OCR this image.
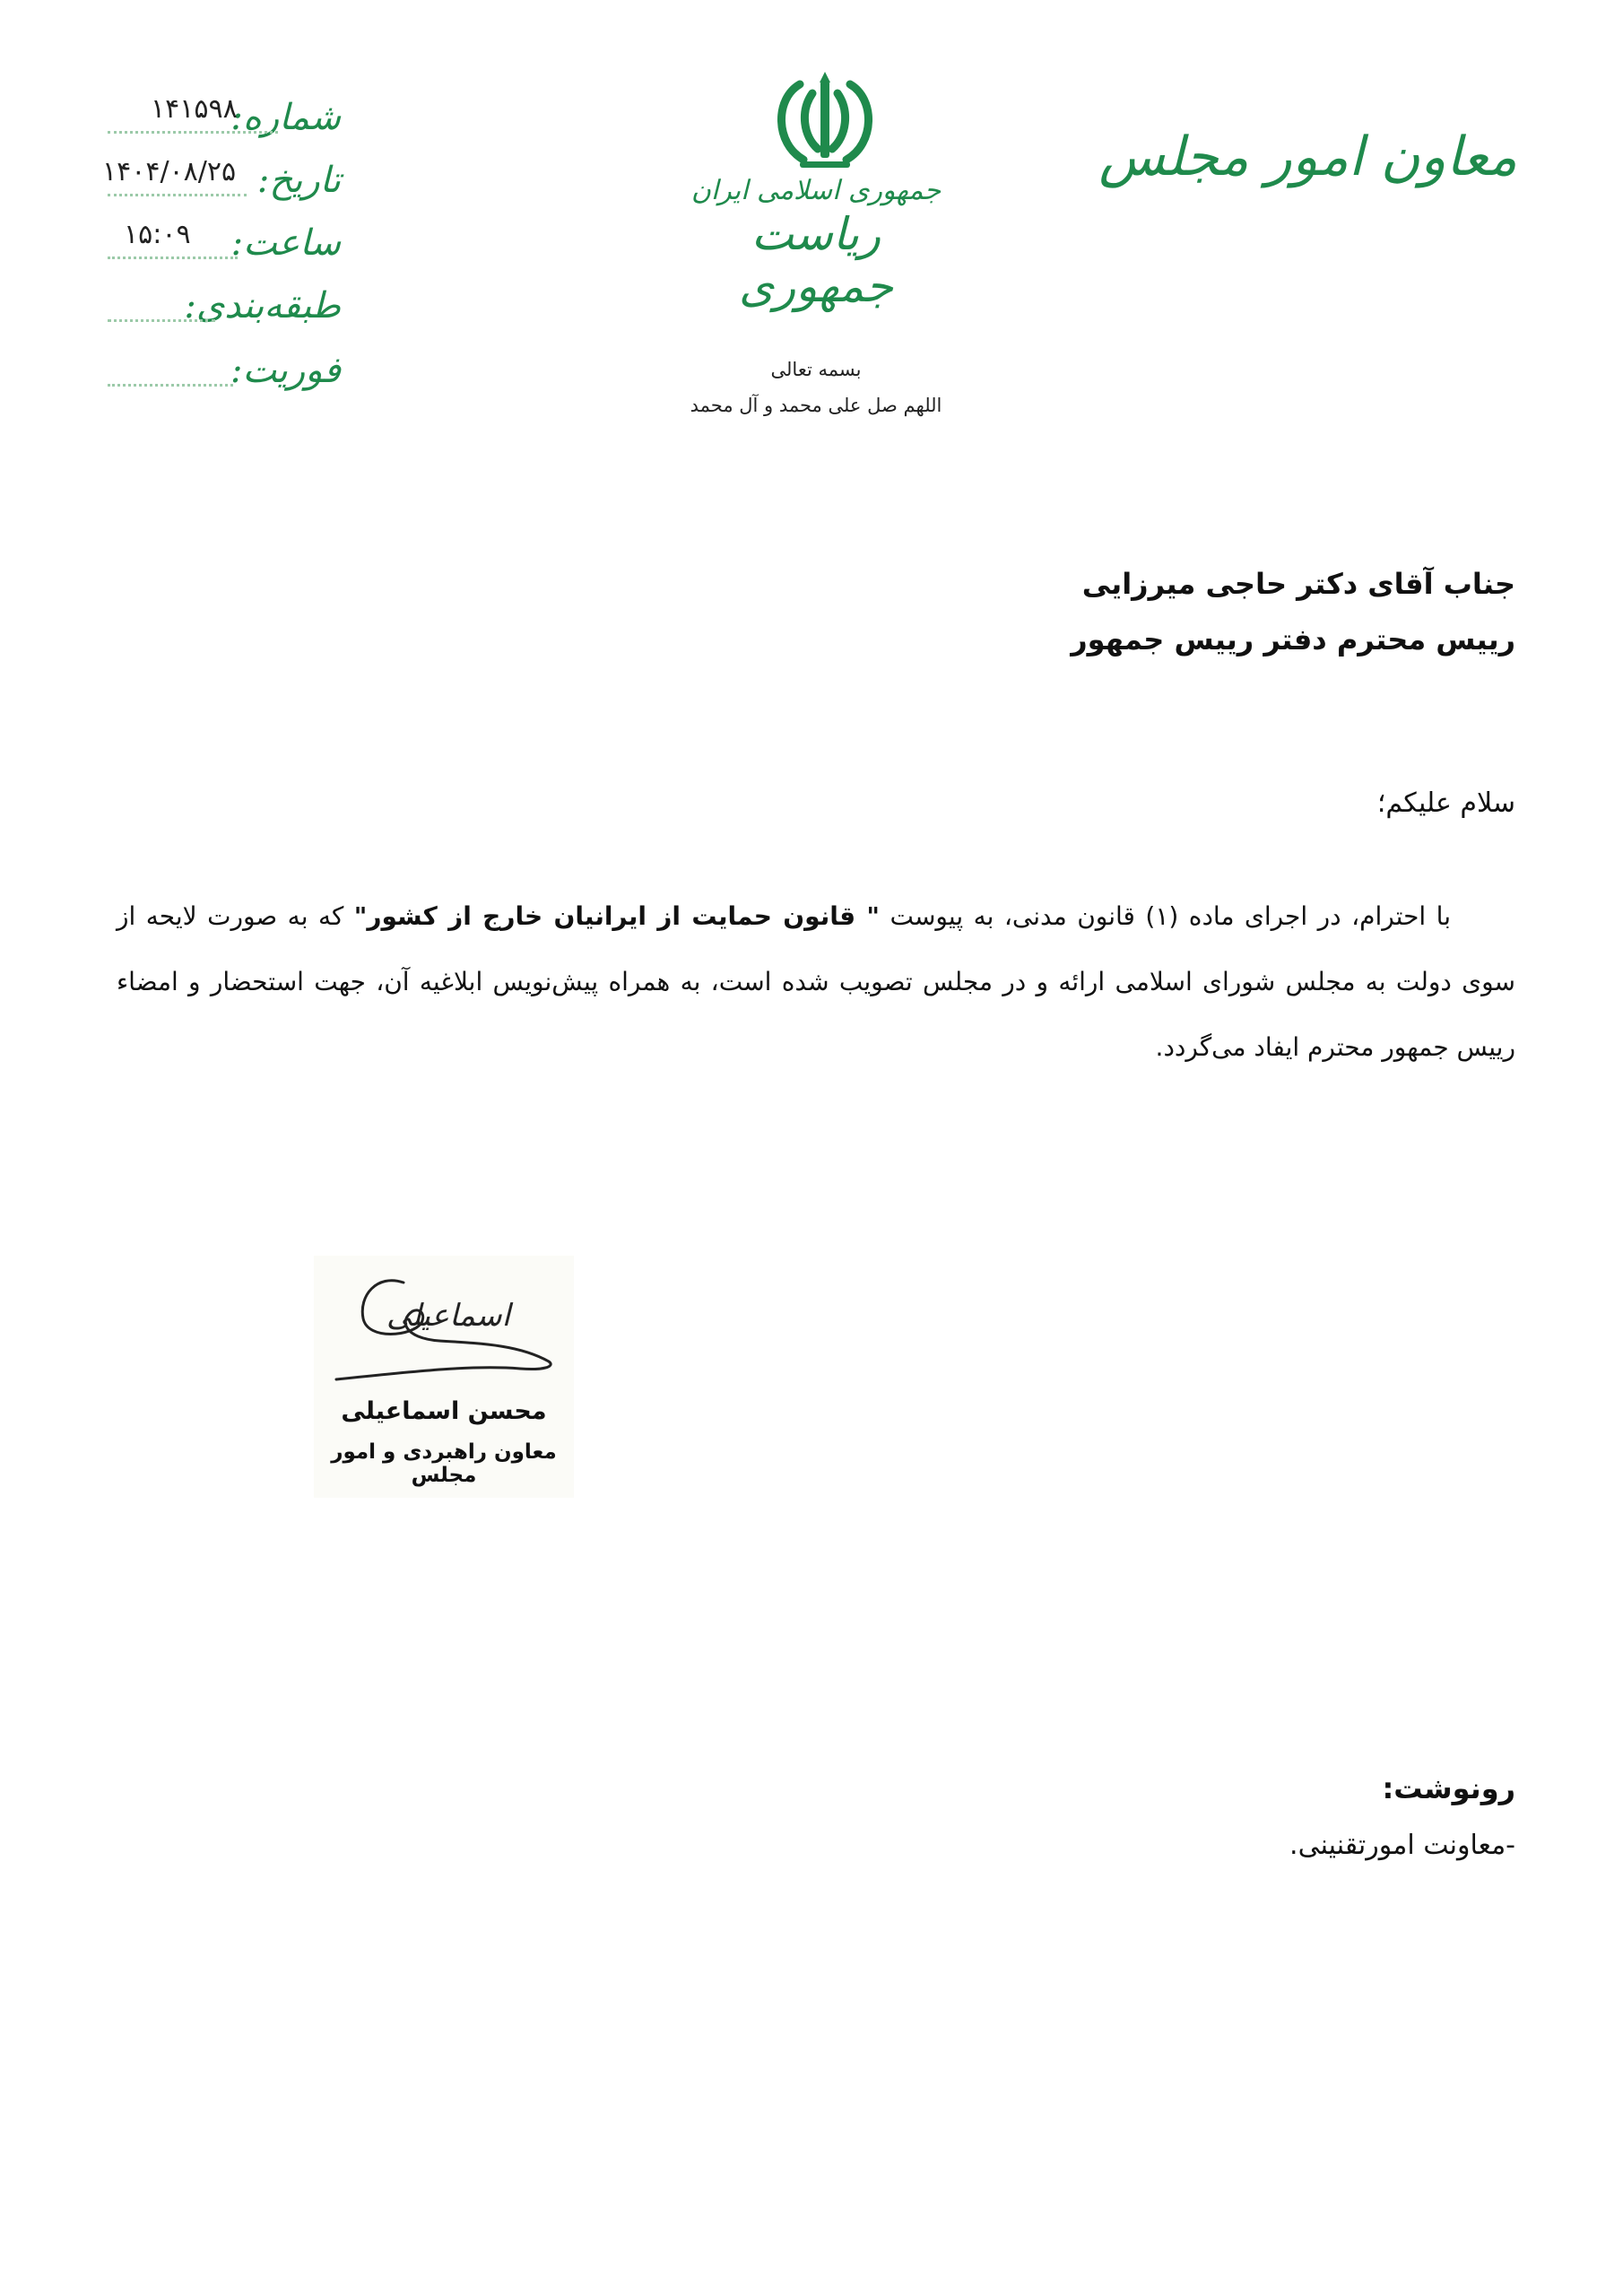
شماره:
۱۴۱۵۹۸
تاریخ:
۱۴۰۴/۰۸/۲۵
ساعت:
۱۵:۰۹
طبقه‌بندی:
فوریت:
جمهوری اسلامی ایران
ریاست جمهوری
بسمه تعالی
اللهم صل علی محمد و آل محمد
معاون امور مجلس
جناب آقای دکتر حاجی میرزایی
رییس محترم دفتر رییس جمهور
سلام علیکم؛
با احترام، در اجرای ماده (۱) قانون مدنی، به پیوست " قانون حمایت از ایرانیان خارج از کشور" که به صورت لایحه از سوی دولت به مجلس شورای اسلامی ارائه و در مجلس تصویب شده است، به همراه پیش‌نویس ابلاغیه آن، جهت استحضار و امضاء رییس جمهور محترم ایفاد می‌گردد.
اسماعیلی
محسن اسماعیلی
معاون راهبردی و امور مجلس
رونوشت:
-معاونت امورتقنینی.
